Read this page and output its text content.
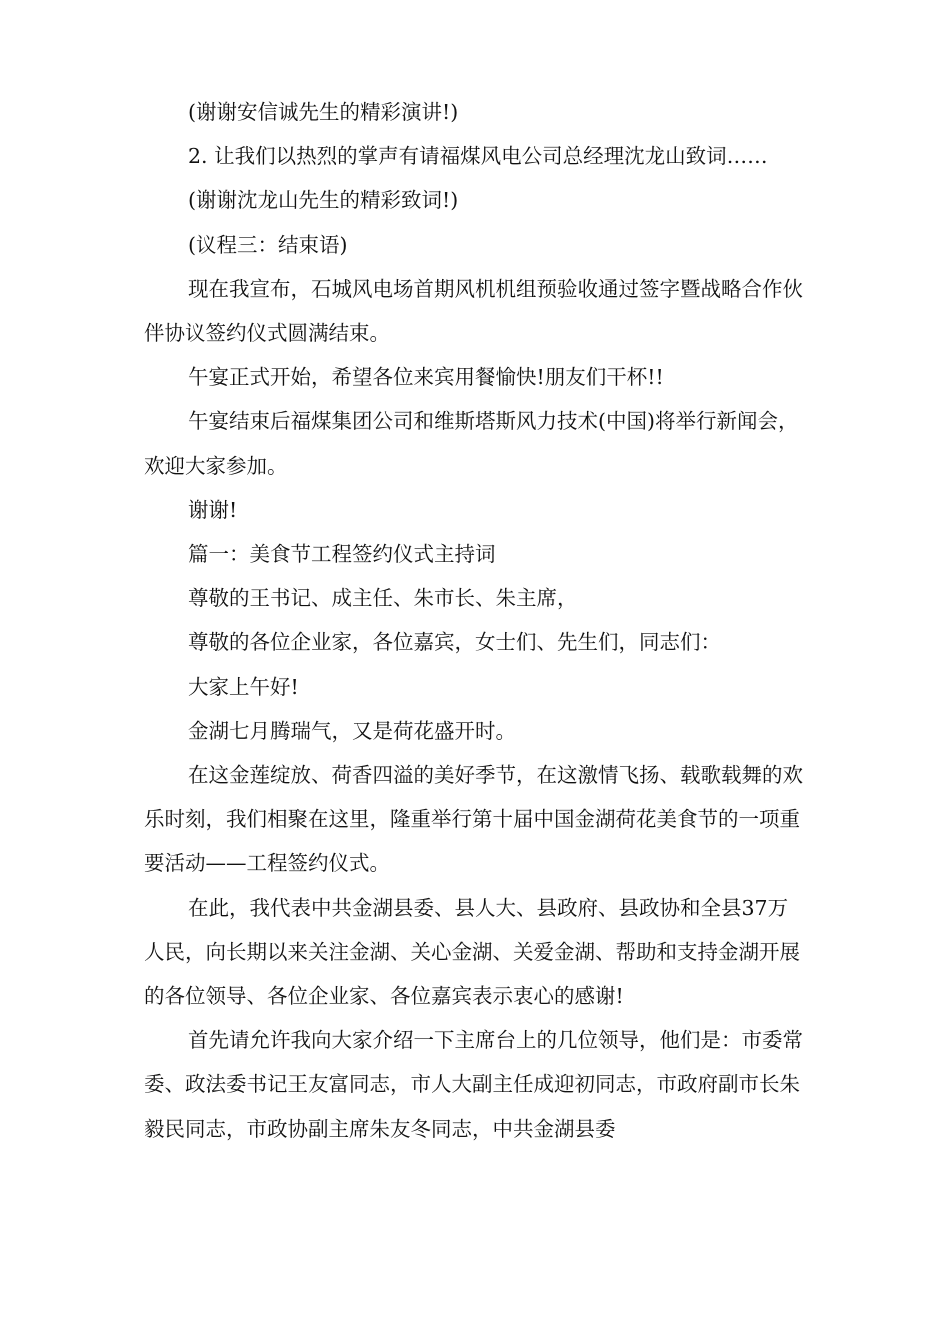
(谢谢安信诚先生的精彩演讲!)

2. 让我们以热烈的掌声有请福煤风电公司总经理沈龙山致词……

(谢谢沈龙山先生的精彩致词!)

(议程三：结束语)

现在我宣布，石城风电场首期风机机组预验收通过签字暨战略合作伙伴协议签约仪式圆满结束。

午宴正式开始，希望各位来宾用餐愉快!朋友们干杯!!

午宴结束后福煤集团公司和维斯塔斯风力技术(中国)将举行新闻会，欢迎大家参加。

谢谢!

篇一：美食节工程签约仪式主持词

尊敬的王书记、成主任、朱市长、朱主席，

尊敬的各位企业家，各位嘉宾，女士们、先生们，同志们：

大家上午好!

金湖七月腾瑞气，又是荷花盛开时。

在这金莲绽放、荷香四溢的美好季节，在这激情飞扬、载歌载舞的欢乐时刻，我们相聚在这里，隆重举行第十届中国金湖荷花美食节的一项重要活动——工程签约仪式。

在此，我代表中共金湖县委、县人大、县政府、县政协和全县37万人民，向长期以来关注金湖、关心金湖、关爱金湖、帮助和支持金湖开展的各位领导、各位企业家、各位嘉宾表示衷心的感谢!

首先请允许我向大家介绍一下主席台上的几位领导，他们是：市委常委、政法委书记王友富同志，市人大副主任成迎初同志，市政府副市长朱毅民同志，市政协副主席朱友冬同志，中共金湖县委
